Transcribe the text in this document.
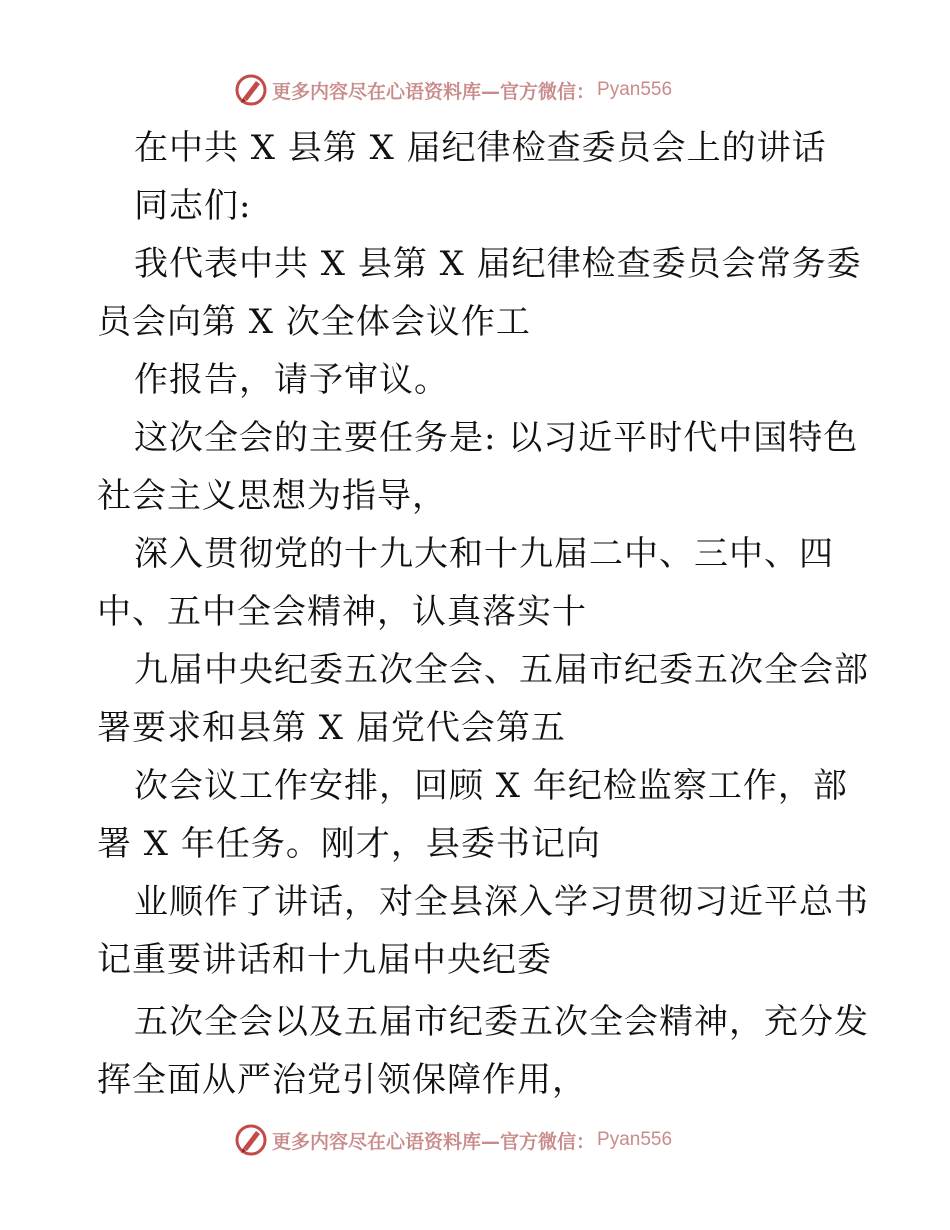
更多内容尽在心语资料库—官方微信： Pyan556
在中共 X 县第 X 届纪律检查委员会上的讲话
同志们:
我代表中共 X 县第 X 届纪律检查委员会常务委
员会向第 X 次全体会议作工
作报告，请予审议。
这次全会的主要任务是: 以习近平时代中国特色
社会主义思想为指导，
深入贯彻党的十九大和十九届二中、三中、四
中、五中全会精神，认真落实十
九届中央纪委五次全会、五届市纪委五次全会部
署要求和县第 X 届党代会第五
次会议工作安排，回顾 X 年纪检监察工作，部
署 X 年任务。刚才，县委书记向
业顺作了讲话，对全县深入学习贯彻习近平总书
记重要讲话和十九届中央纪委
五次全会以及五届市纪委五次全会精神，充分发
挥全面从严治党引领保障作用，
更多内容尽在心语资料库—官方微信： Pyan556
